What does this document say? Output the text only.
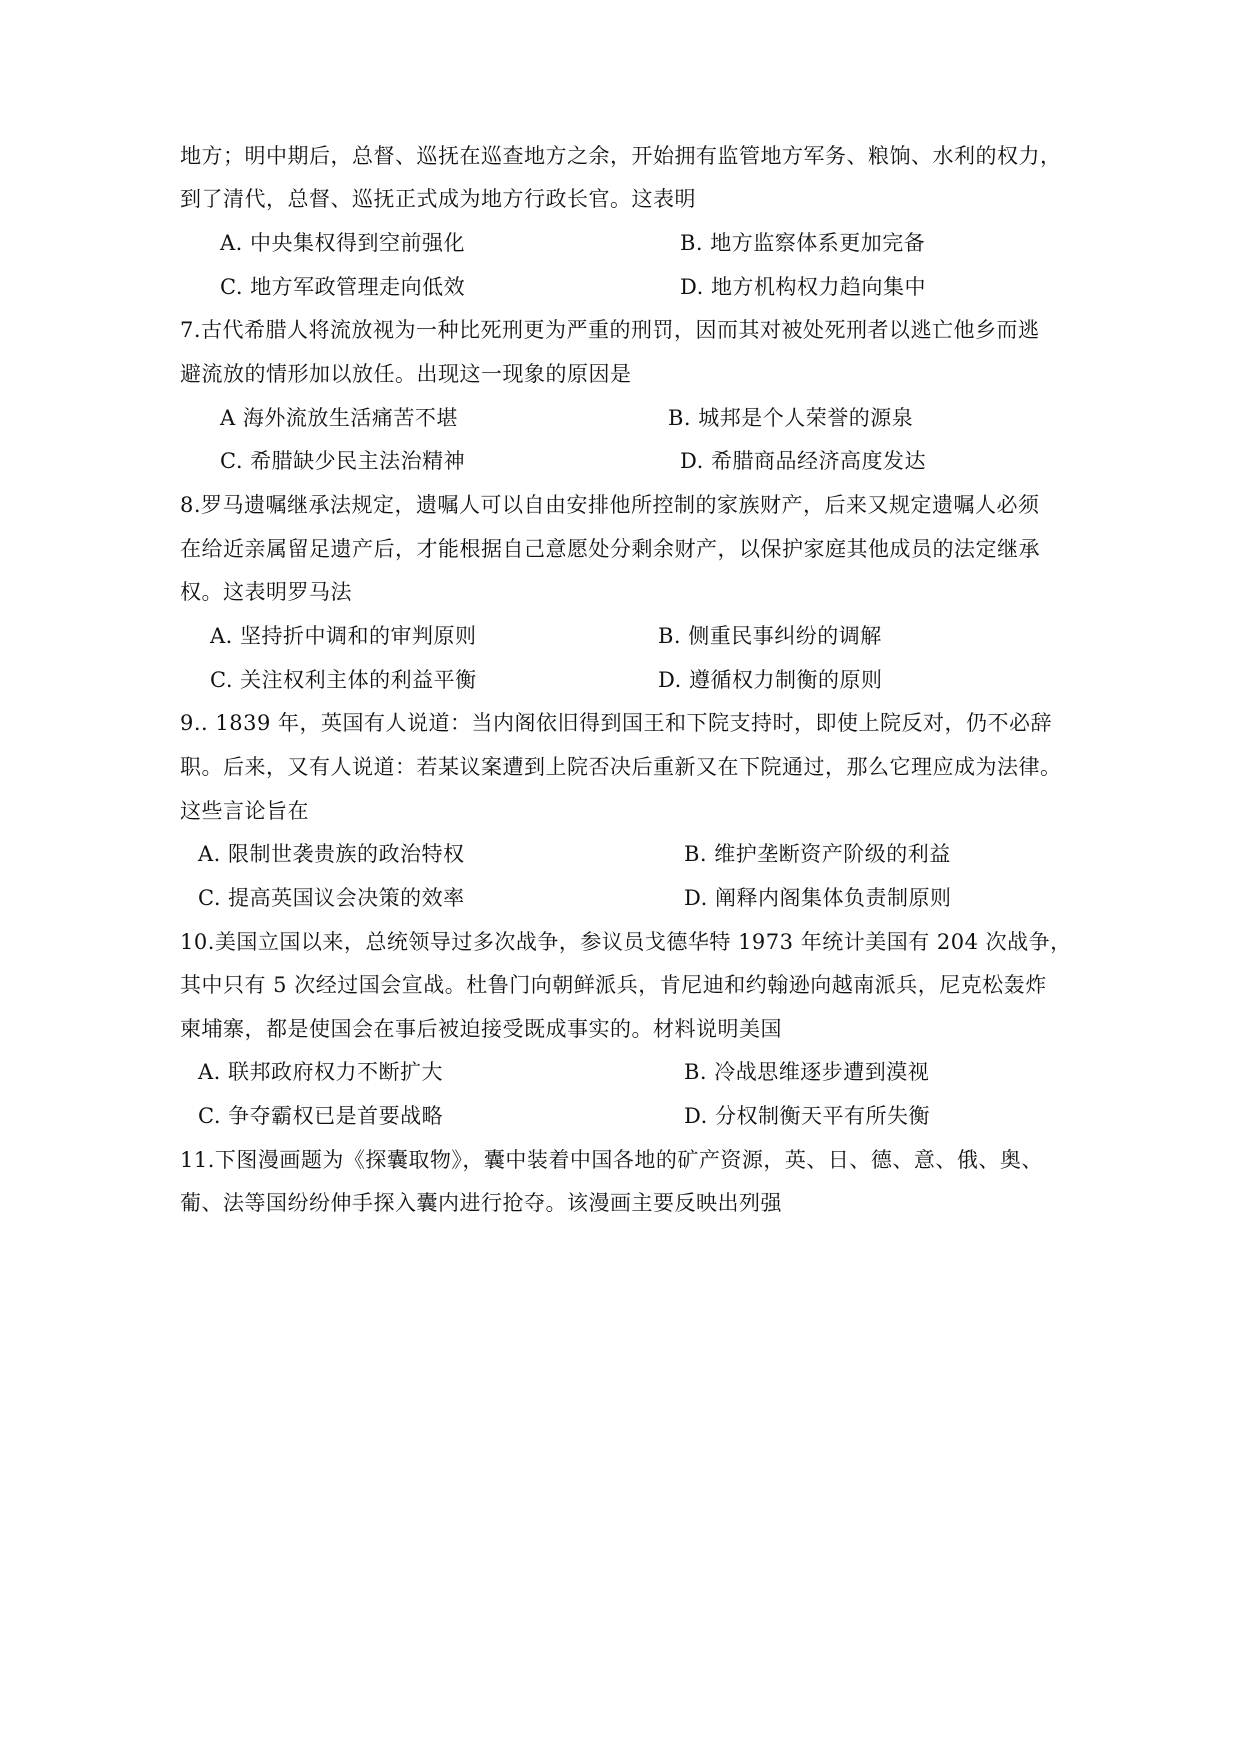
地方；明中期后，总督、巡抚在巡查地方之余，开始拥有监管地方军务、粮饷、水利的权力，
到了清代，总督、巡抚正式成为地方行政长官。这表明
A. 中央集权得到空前强化	B. 地方监察体系更加完备
C. 地方军政管理走向低效	D. 地方机构权力趋向集中
7.古代希腊人将流放视为一种比死刑更为严重的刑罚，因而其对被处死刑者以逃亡他乡而逃
避流放的情形加以放任。出现这一现象的原因是
A 海外流放生活痛苦不堪	B. 城邦是个人荣誉的源泉
C. 希腊缺少民主法治精神	D. 希腊商品经济高度发达
8.罗马遗嘱继承法规定，遗嘱人可以自由安排他所控制的家族财产，后来又规定遗嘱人必须
在给近亲属留足遗产后，才能根据自己意愿处分剩余财产，以保护家庭其他成员的法定继承
权。这表明罗马法
A. 坚持折中调和的审判原则	B. 侧重民事纠纷的调解
C. 关注权利主体的利益平衡	D. 遵循权力制衡的原则
9.. 1839 年，英国有人说道：当内阁依旧得到国王和下院支持时，即使上院反对，仍不必辞
职。后来，又有人说道：若某议案遭到上院否决后重新又在下院通过，那么它理应成为法律。
这些言论旨在
A. 限制世袭贵族的政治特权	B. 维护垄断资产阶级的利益
C. 提高英国议会决策的效率	D. 阐释内阁集体负责制原则
10.美国立国以来，总统领导过多次战争，参议员戈德华特 1973 年统计美国有 204 次战争，
其中只有 5 次经过国会宣战。杜鲁门向朝鲜派兵，肯尼迪和约翰逊向越南派兵，尼克松轰炸
柬埔寨，都是使国会在事后被迫接受既成事实的。材料说明美国
A. 联邦政府权力不断扩大	B. 冷战思维逐步遭到漠视
C. 争夺霸权已是首要战略	D. 分权制衡天平有所失衡
11.下图漫画题为《探囊取物》，囊中装着中国各地的矿产资源，英、日、德、意、俄、奥、
葡、法等国纷纷伸手探入囊内进行抢夺。该漫画主要反映出列强
